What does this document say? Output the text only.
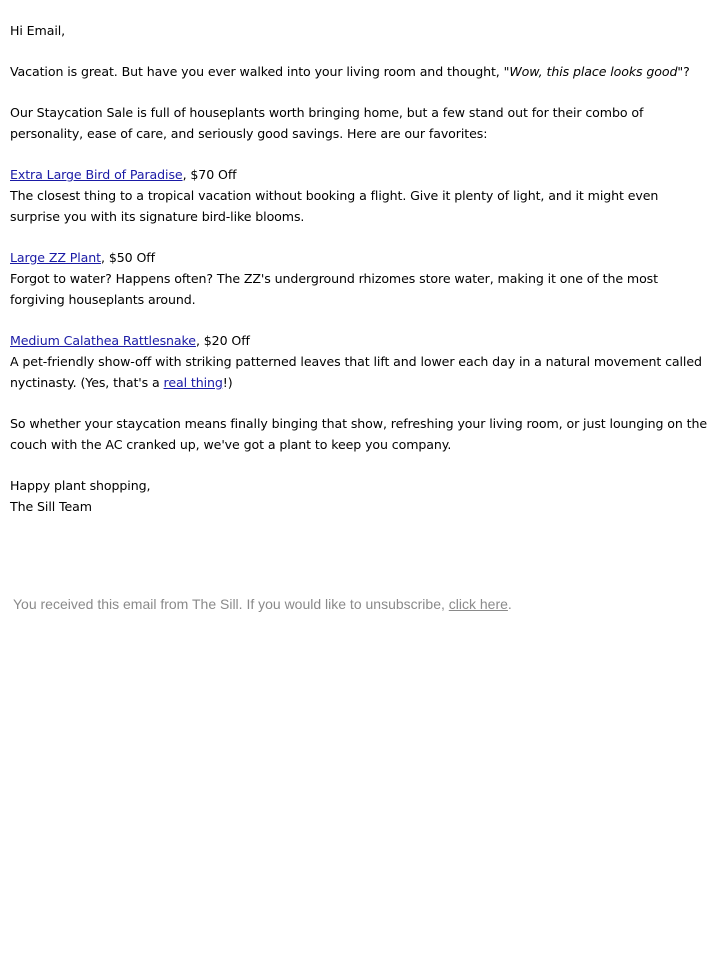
Hi Email,

Vacation is great. But have you ever walked into your living room and thought, "Wow, this place looks good"?

Our Staycation Sale is full of houseplants worth bringing home, but a few stand out for their combo of personality, ease of care, and seriously good savings. Here are our favorites:

Extra Large Bird of Paradise, $70 Off
The closest thing to a tropical vacation without booking a flight. Give it plenty of light, and it might even surprise you with its signature bird-like blooms.

Large ZZ Plant, $50 Off
Forgot to water? Happens often? The ZZ's underground rhizomes store water, making it one of the most forgiving houseplants around.

Medium Calathea Rattlesnake, $20 Off
A pet-friendly show-off with striking patterned leaves that lift and lower each day in a natural movement called nyctinasty. (Yes, that's a real thing!)

So whether your staycation means finally binging that show, refreshing your living room, or just lounging on the couch with the AC cranked up, we've got a plant to keep you company.

Happy plant shopping,
The Sill Team

You received this email from The Sill. If you would like to unsubscribe, click here.
